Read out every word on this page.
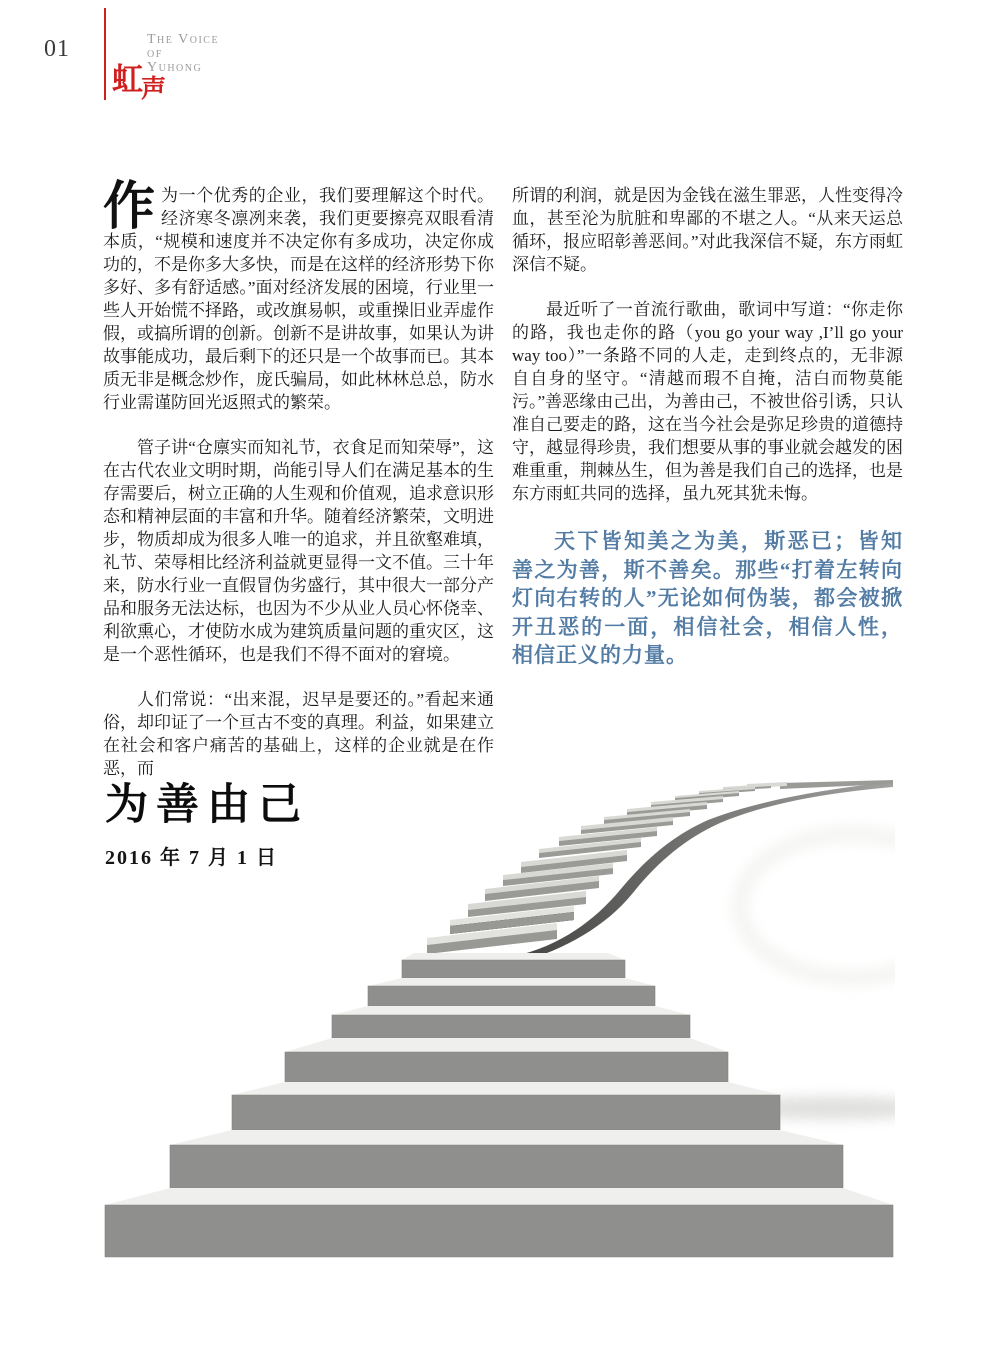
01	The Voice
of
Yuhong
虹声

作为一个优秀的企业，我们要理解这个时代。经济寒冬凛冽来袭，我们更要擦亮双眼看清本质，“规模和速度并不决定你有多成功，决定你成功的，不是你多大多快，而是在这样的经济形势下你多好、多有舒适感。”面对经济发展的困境，行业里一些人开始慌不择路，或改旗易帜，或重操旧业弄虚作假，或搞所谓的创新。创新不是讲故事，如果认为讲故事能成功，最后剩下的还只是一个故事而已。其本质无非是概念炒作，庞氏骗局，如此林林总总，防水行业需谨防回光返照式的繁荣。

管子讲“仓廪实而知礼节，衣食足而知荣辱”，这在古代农业文明时期，尚能引导人们在满足基本的生存需要后，树立正确的人生观和价值观，追求意识形态和精神层面的丰富和升华。随着经济繁荣，文明进步，物质却成为很多人唯一的追求，并且欲壑难填，礼节、荣辱相比经济利益就更显得一文不值。三十年来，防水行业一直假冒伪劣盛行，其中很大一部分产品和服务无法达标，也因为不少从业人员心怀侥幸、利欲熏心，才使防水成为建筑质量问题的重灾区，这是一个恶性循环，也是我们不得不面对的窘境。

人们常说：“出来混，迟早是要还的。”看起来通俗，却印证了一个亘古不变的真理。利益，如果建立在社会和客户痛苦的基础上，这样的企业就是在作恶，而

所谓的利润，就是因为金钱在滋生罪恶，人性变得冷血，甚至沦为肮脏和卑鄙的不堪之人。“从来天运总循环，报应昭彰善恶间。”对此我深信不疑，东方雨虹深信不疑。

最近听了一首流行歌曲，歌词中写道：“你走你的路，我也走你的路（you go your way ,I’ll go your way too）”一条路不同的人走，走到终点的，无非源自自身的坚守。“清越而瑕不自掩，洁白而物莫能污。”善恶缘由己出，为善由己，不被世俗引诱，只认准自己要走的路，这在当今社会是弥足珍贵的道德持守，越显得珍贵，我们想要从事的事业就会越发的困难重重，荆棘丛生，但为善是我们自己的选择，也是东方雨虹共同的选择，虽九死其犹未悔。

天下皆知美之为美，斯恶已；皆知善之为善，斯不善矣。那些“打着左转向灯向右转的人”无论如何伪装，都会被掀开丑恶的一面，相信社会，相信人性，相信正义的力量。

为善由己
2016 年 7 月 1 日
